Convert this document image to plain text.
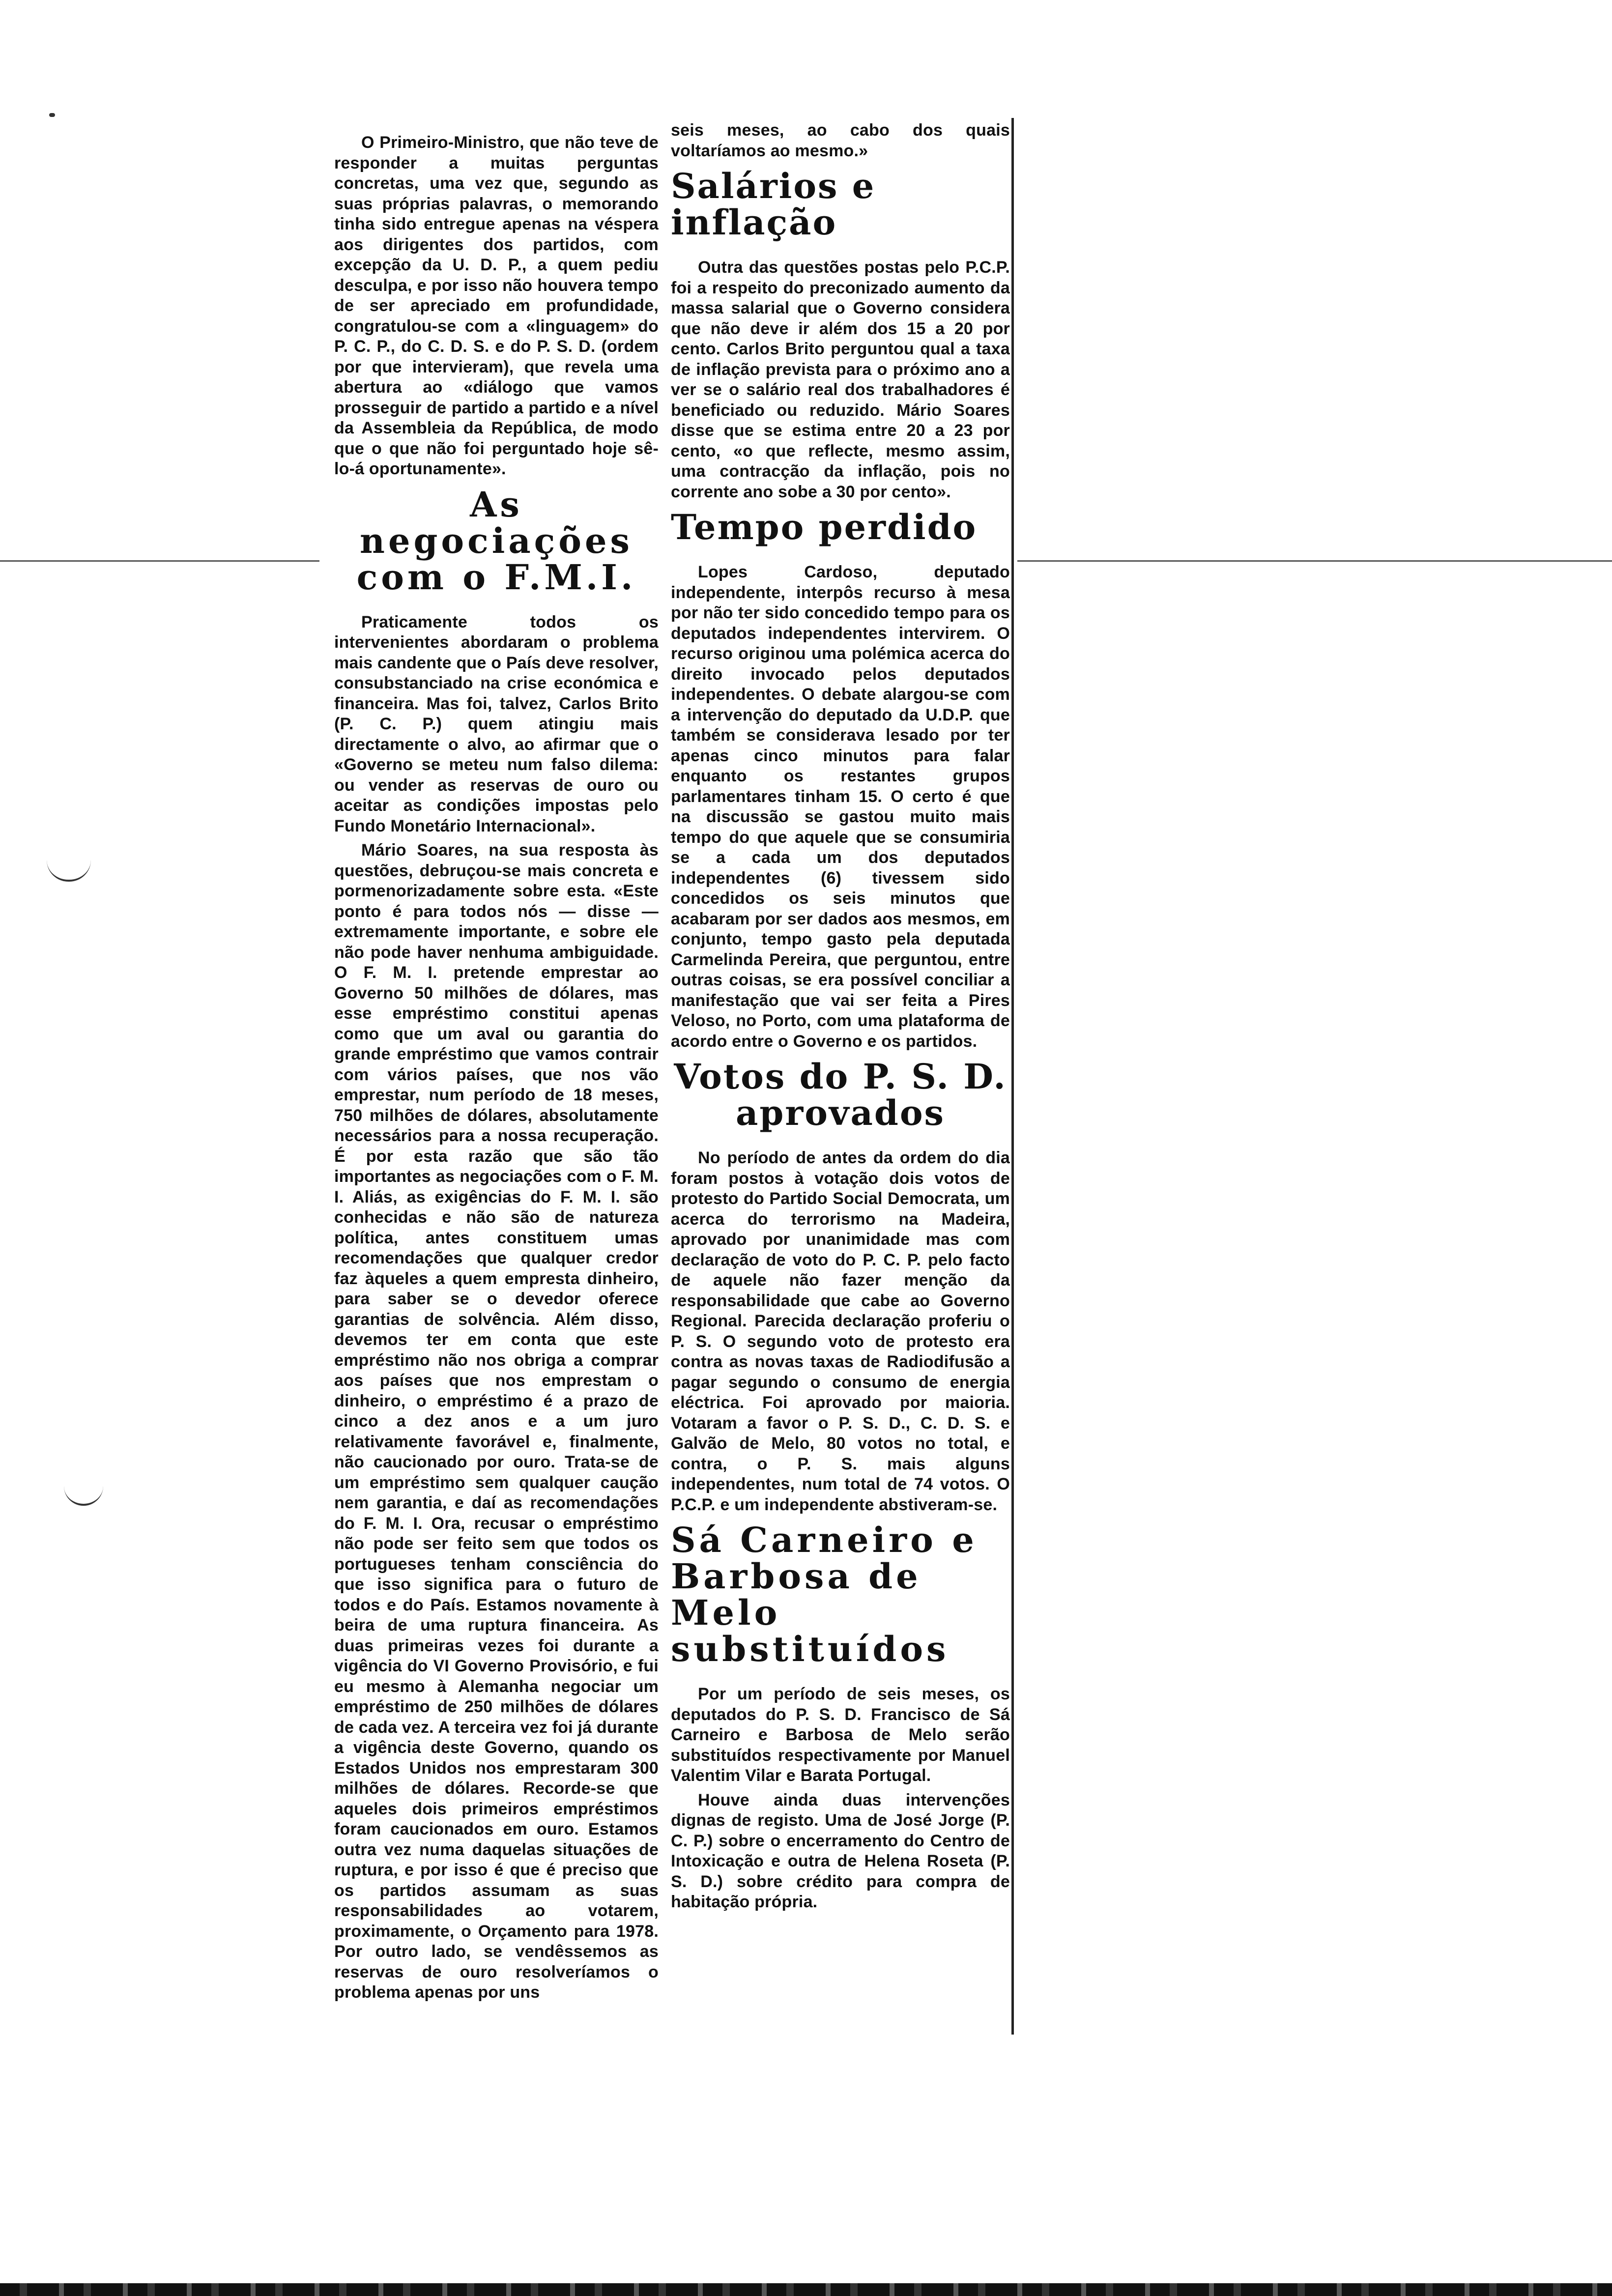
O Primeiro-Ministro, que não teve de responder a muitas perguntas concretas, uma vez que, segundo as suas próprias palavras, o memorando tinha sido entregue apenas na véspera aos dirigentes dos partidos, com excepção da U. D. P., a quem pediu desculpa, e por isso não houvera tempo de ser apreciado em profundidade, congratulou-se com a «linguagem» do P. C. P., do C. D. S. e do P. S. D. (ordem por que intervieram), que revela uma abertura ao «diálogo que vamos prosseguir de partido a partido e a nível da Assembleia da República, de modo que o que não foi perguntado hoje sê-lo-á oportunamente».

As negociações com o F.M.I.

Praticamente todos os intervenientes abordaram o problema mais candente que o País deve resolver, consubstanciado na crise económica e financeira. Mas foi, talvez, Carlos Brito (P. C. P.) quem atingiu mais directamente o alvo, ao afirmar que o «Governo se meteu num falso dilema: ou vender as reservas de ouro ou aceitar as condições impostas pelo Fundo Monetário Internacional».

Mário Soares, na sua resposta às questões, debruçou-se mais concreta e pormenorizadamente sobre esta. «Este ponto é para todos nós — disse — extremamente importante, e sobre ele não pode haver nenhuma ambiguidade. O F. M. I. pretende emprestar ao Governo 50 milhões de dólares, mas esse empréstimo constitui apenas como que um aval ou garantia do grande empréstimo que vamos contrair com vários países, que nos vão emprestar, num período de 18 meses, 750 milhões de dólares, absolutamente necessários para a nossa recuperação. É por esta razão que são tão importantes as negociações com o F. M. I. Aliás, as exigências do F. M. I. são conhecidas e não são de natureza política, antes constituem umas recomendações que qualquer credor faz àqueles a quem empresta dinheiro, para saber se o devedor oferece garantias de solvência. Além disso, devemos ter em conta que este empréstimo não nos obriga a comprar aos países que nos emprestam o dinheiro, o empréstimo é a prazo de cinco a dez anos e a um juro relativamente favorável e, finalmente, não caucionado por ouro. Trata-se de um empréstimo sem qualquer caução nem garantia, e daí as recomendações do F. M. I. Ora, recusar o empréstimo não pode ser feito sem que todos os portugueses tenham consciência do que isso significa para o futuro de todos e do País. Estamos novamente à beira de uma ruptura financeira. As duas primeiras vezes foi durante a vigência do VI Governo Provisório, e fui eu mesmo à Alemanha negociar um empréstimo de 250 milhões de dólares de cada vez. A terceira vez foi já durante a vigência deste Governo, quando os Estados Unidos nos emprestaram 300 milhões de dólares. Recorde-se que aqueles dois primeiros empréstimos foram caucionados em ouro. Estamos outra vez numa daquelas situações de ruptura, e por isso é que é preciso que os partidos assumam as suas responsabilidades ao votarem, proximamente, o Orçamento para 1978. Por outro lado, se vendêssemos as reservas de ouro resolveríamos o problema apenas por uns

seis meses, ao cabo dos quais voltaríamos ao mesmo.»

Salários e inflação

Outra das questões postas pelo P.C.P. foi a respeito do preconizado aumento da massa salarial que o Governo considera que não deve ir além dos 15 a 20 por cento. Carlos Brito perguntou qual a taxa de inflação prevista para o próximo ano a ver se o salário real dos trabalhadores é beneficiado ou reduzido. Mário Soares disse que se estima entre 20 a 23 por cento, «o que reflecte, mesmo assim, uma contracção da inflação, pois no corrente ano sobe a 30 por cento».

Tempo perdido

Lopes Cardoso, deputado independente, interpôs recurso à mesa por não ter sido concedido tempo para os deputados independentes intervirem. O recurso originou uma polémica acerca do direito invocado pelos deputados independentes. O debate alargou-se com a intervenção do deputado da U.D.P. que também se considerava lesado por ter apenas cinco minutos para falar enquanto os restantes grupos parlamentares tinham 15. O certo é que na discussão se gastou muito mais tempo do que aquele que se consumiria se a cada um dos deputados independentes (6) tivessem sido concedidos os seis minutos que acabaram por ser dados aos mesmos, em conjunto, tempo gasto pela deputada Carmelinda Pereira, que perguntou, entre outras coisas, se era possível conciliar a manifestação que vai ser feita a Pires Veloso, no Porto, com uma plataforma de acordo entre o Governo e os partidos.

Votos do P. S. D. aprovados

No período de antes da ordem do dia foram postos à votação dois votos de protesto do Partido Social Democrata, um acerca do terrorismo na Madeira, aprovado por unanimidade mas com declaração de voto do P. C. P. pelo facto de aquele não fazer menção da responsabilidade que cabe ao Governo Regional. Parecida declaração proferiu o P. S. O segundo voto de protesto era contra as novas taxas de Radiodifusão a pagar segundo o consumo de energia eléctrica. Foi aprovado por maioria. Votaram a favor o P. S. D., C. D. S. e Galvão de Melo, 80 votos no total, e contra, o P. S. mais alguns independentes, num total de 74 votos. O P.C.P. e um independente abstiveram-se.

Sá Carneiro e Barbosa de Melo substituídos

Por um período de seis meses, os deputados do P. S. D. Francisco de Sá Carneiro e Barbosa de Melo serão substituídos respectivamente por Manuel Valentim Vilar e Barata Portugal.

Houve ainda duas intervenções dignas de registo. Uma de José Jorge (P. C. P.) sobre o encerramento do Centro de Intoxicação e outra de Helena Roseta (P. S. D.) sobre crédito para compra de habitação própria.
